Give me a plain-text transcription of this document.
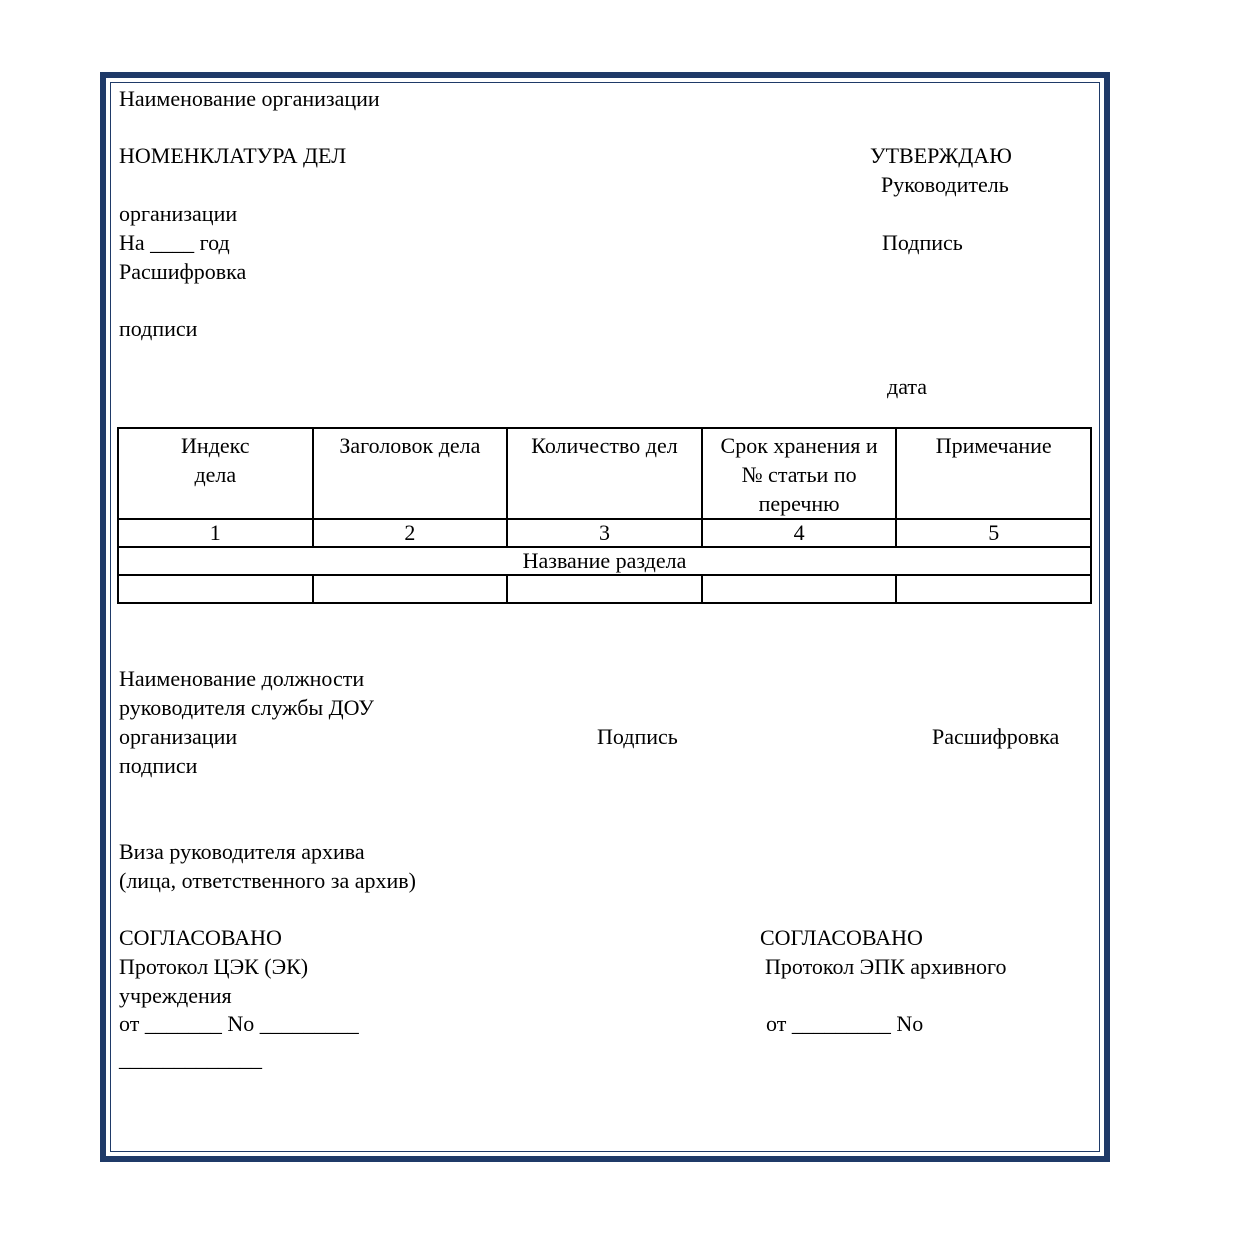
Наименование организации
НОМЕНКЛАТУРА ДЕЛ	УТВЕРЖДАЮ
Руководитель
организации
На ____ год	Подпись
Расшифровка
подписи
дата
Индекс дела	Заголовок дела	Количество дел	Срок хранения и № статьи по перечню	Примечание
1	2	3	4	5
Название раздела				

Наименование должности
руководителя службы ДОУ
организации	Подпись	Расшифровка
подписи
Виза руководителя архива
(лица, ответственного за архив)
СОГЛАСОВАНО	СОГЛАСОВАНО
Протокол ЦЭК (ЭК)	Протокол ЭПК архивного
учреждения
от _______ No _________	от _________ No
_____________
